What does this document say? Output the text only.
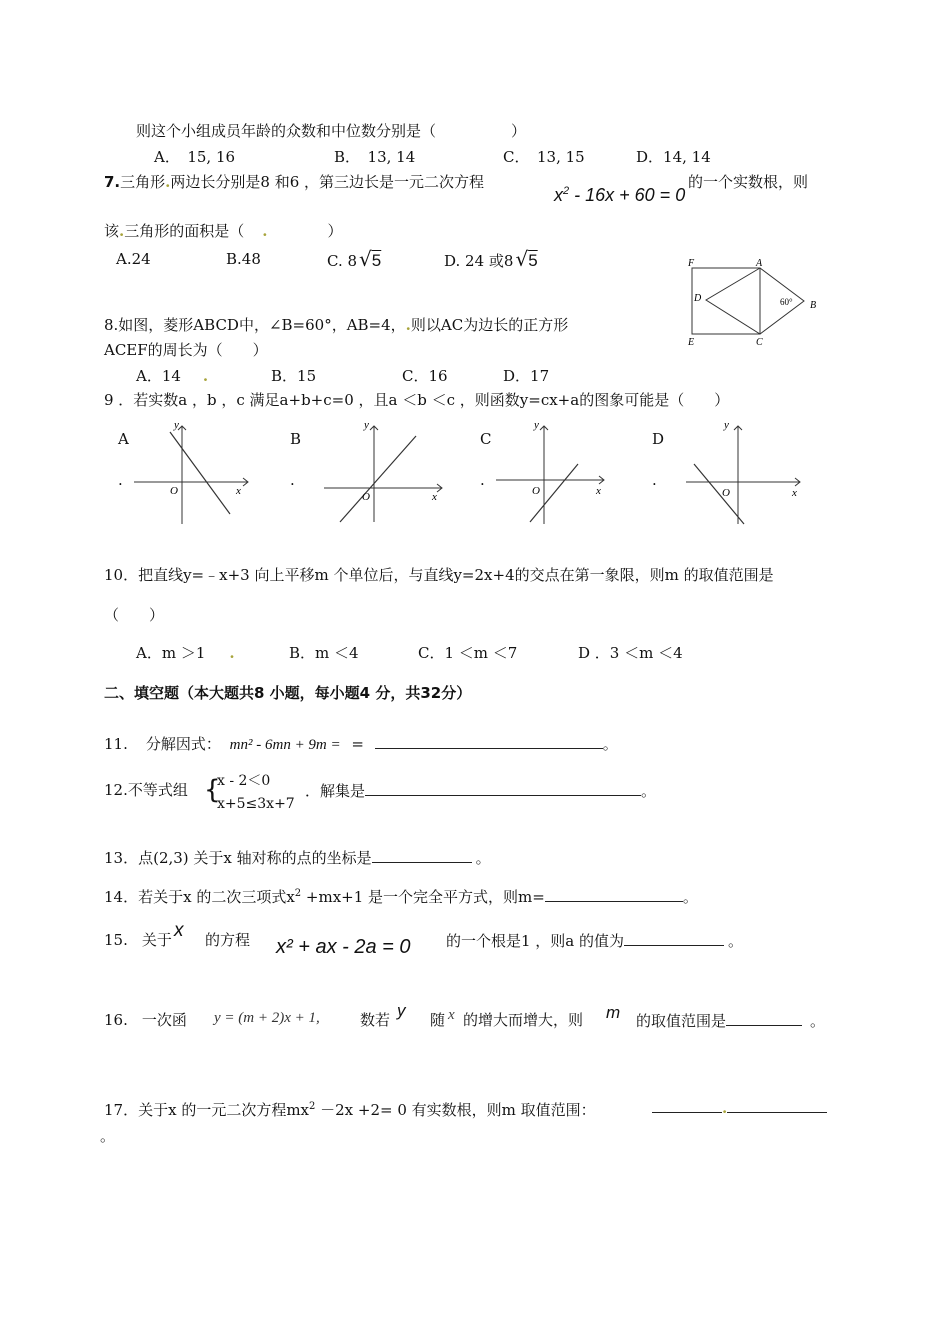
则这个小组成员年龄的众数和中位数分别是（　　　　　）
A．　15, 16	B．　13, 14	C．　13, 15	D．14, 14
7.三角形.两边长分别是8 和6 ，第三边长是一元二次方程
$x^2 - 16x + 60 = 0$
的一个实数根，则
该.三角形的面积是（ .　　　　）
A.24	B.48	C. 8 √5	D. 24 或8 √5	F	A
D	60° B
E	C
8.如图，菱形ABCD中，∠B=60°，AB=4，.则以AC为边长的正方形
ACEF的周长为（　　）
A．14 .	B．15	C．16	D．17
9 ．若实数a ，b ，c 满足a+b+c=0 ，且a ＜b ＜c ，则函数y=cx+a的图象可能是（　　）
A
.
y
x
O
B
.
y
x
O
C
.
y
x
O
D
.
y
x
O
10．把直线y=﹣x+3 向上平移m 个单位后，与直线y=2x+4的交点在第一象限，则m 的取值范围是
（　　）
A．m ＞1 .	B．m ＜4	C．1 ＜m ＜7	D ．3 ＜m ＜4
二、填空题（本大题共8 小题，每小题4 分，共32分）
11. 分解因式： mn² - 6mn + 9m = =	。
12.不等式组 {
x - 2＜0
x+5≤3x+7
．解集是	。
13．点(2,3) 关于x 轴对称的点的坐标是	。
14．若关于x 的二次三项式$x^2 +mx+1$ 是一个完全平方式，则m=	。
15. 关于 x 的方程 x² + ax - 2a = 0 的一个根是1 ，则a 的值为	。
16. 一次函 y = (m + 2)x + 1,	数若 y 随 x 的增大而增大，则 m 的取值范围是	。
17．关于x 的一元二次方程$mx^2 -2x +2= 0$ 有实数根，则m 取值范围：	.
。
